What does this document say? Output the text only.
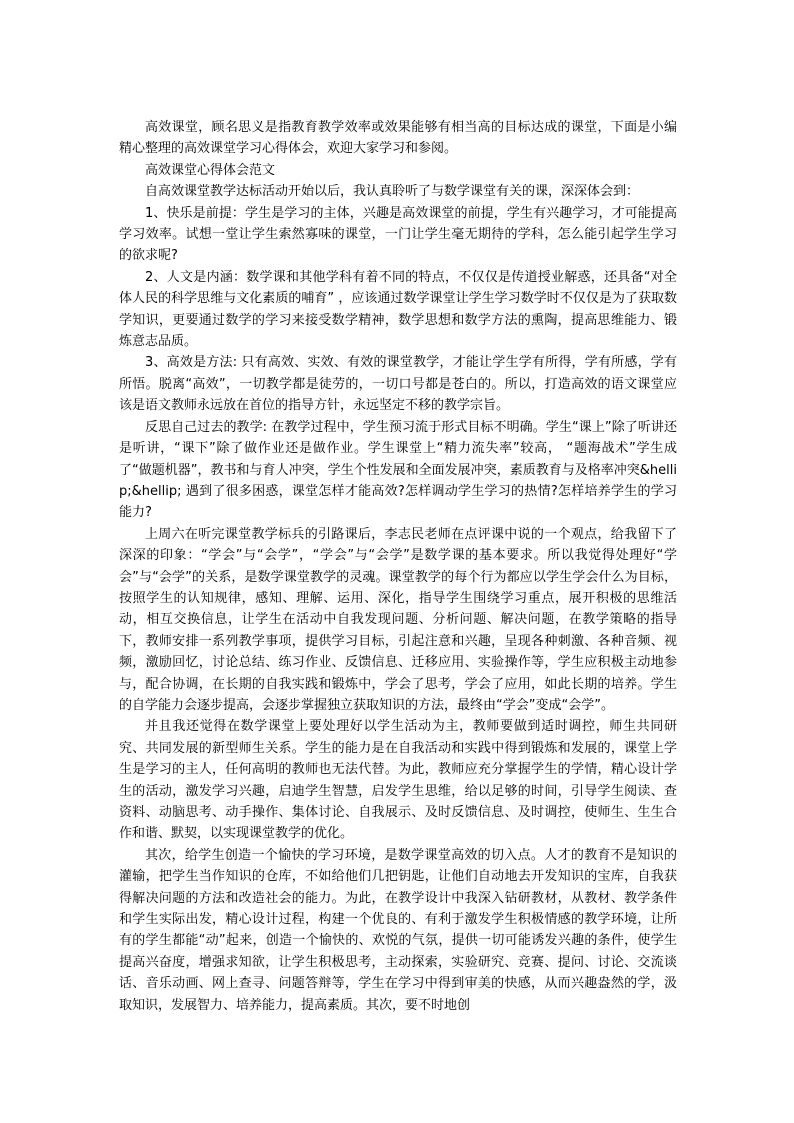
高效课堂，顾名思义是指教育教学效率或效果能够有相当高的目标达成的课堂，下面是小编精心整理的高效课堂学习心得体会，欢迎大家学习和参阅。

高效课堂心得体会范文

自高效课堂教学达标活动开始以后，我认真聆听了与数学课堂有关的课，深深体会到：

1、快乐是前提：学生是学习的主体，兴趣是高效课堂的前提，学生有兴趣学习，才可能提高学习效率。试想一堂让学生索然寡味的课堂，一门让学生毫无期待的学科，怎么能引起学生学习的欲求呢?

2、人文是内涵：数学课和其他学科有着不同的特点，不仅仅是传道授业解惑，还具备“对全体人民的科学思维与文化素质的哺育” ，应该通过数学课堂让学生学习数学时不仅仅是为了获取数学知识，更要通过数学的学习来接受数学精神，数学思想和数学方法的熏陶，提高思维能力、锻炼意志品质。

3、高效是方法: 只有高效、实效、有效的课堂教学，才能让学生学有所得，学有所感，学有所悟。脱离“高效”，一切教学都是徒劳的，一切口号都是苍白的。所以，打造高效的语文课堂应该是语文教师永远放在首位的指导方针，永远坚定不移的教学宗旨。

反思自己过去的教学: 在教学过程中，学生预习流于形式目标不明确。学生“课上”除了听讲还是听讲，“课下”除了做作业还是做作业。学生课堂上“精力流失率”较高， “题海战术”学生成了“做题机器”，教书和与育人冲突，学生个性发展和全面发展冲突，素质教育与及格率冲突&hellip;&hellip; 遇到了很多困惑，课堂怎样才能高效?怎样调动学生学习的热情?怎样培养学生的学习能力?

上周六在听完课堂教学标兵的引路课后，李志民老师在点评课中说的一个观点，给我留下了深深的印象：“学会”与“会学”，“学会”与“会学”是数学课的基本要求。所以我觉得处理好“学会”与“会学”的关系，是数学课堂教学的灵魂。课堂教学的每个行为都应以学生学会什么为目标，按照学生的认知规律，感知、理解、运用、深化，指导学生围绕学习重点，展开积极的思维活动，相互交换信息，让学生在活动中自我发现问题、分析问题、解决问题，在教学策略的指导下，教师安排一系列教学事项，提供学习目标，引起注意和兴趣，呈现各种刺激、各种音频、视频，激励回忆，讨论总结、练习作业、反馈信息、迁移应用、实验操作等，学生应积极主动地参与，配合协调，在长期的自我实践和锻炼中，学会了思考，学会了应用，如此长期的培养。学生的自学能力会逐步提高，会逐步掌握独立获取知识的方法，最终由“学会”变成“会学”。

并且我还觉得在数学课堂上要处理好以学生活动为主，教师要做到适时调控，师生共同研究、共同发展的新型师生关系。学生的能力是在自我活动和实践中得到锻炼和发展的，课堂上学生是学习的主人，任何高明的教师也无法代替。为此，教师应充分掌握学生的学情，精心设计学生的活动，激发学习兴趣，启迪学生智慧，启发学生思维，给以足够的时间，引导学生阅读、查资料、动脑思考、动手操作、集体讨论、自我展示、及时反馈信息、及时调控，使师生、生生合作和谐、默契，以实现课堂教学的优化。

其次，给学生创造一个愉快的学习环境，是数学课堂高效的切入点。人才的教育不是知识的灌输，把学生当作知识的仓库，不如给他们几把钥匙，让他们自动地去开发知识的宝库，自我获得解决问题的方法和改造社会的能力。为此，在教学设计中我深入钻研教材，从教材、教学条件和学生实际出发，精心设计过程，构建一个优良的、有利于激发学生积极情感的教学环境，让所有的学生都能“动”起来，创造一个愉快的、欢悦的气氛，提供一切可能诱发兴趣的条件，使学生提高兴奋度，增强求知欲，让学生积极思考，主动探索，实验研究、竞赛、提问、讨论、交流谈话、音乐动画、网上查寻、问题答辩等，学生在学习中得到审美的快感，从而兴趣盎然的学，汲取知识，发展智力、培养能力，提高素质。其次，要不时地创
